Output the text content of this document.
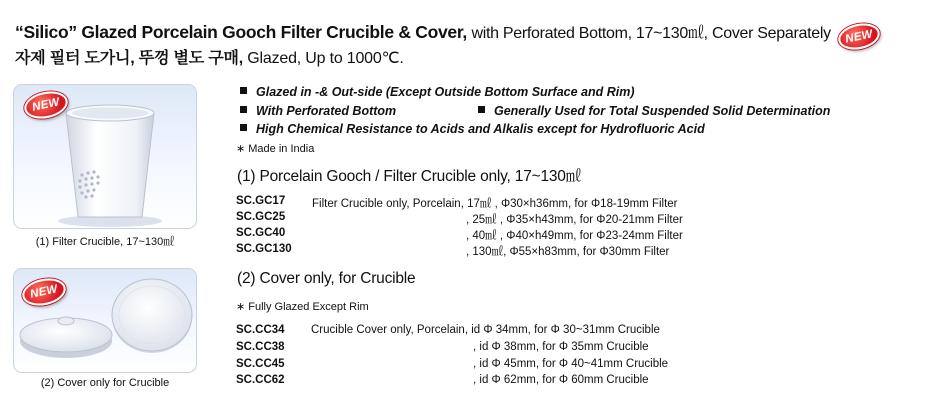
“Silico” Glazed Porcelain Gooch Filter Crucible & Cover, with Perforated Bottom, 17~130㎖, Cover Separately	NEW
자제 필터 도가니, 뚜껑 별도 구매, Glazed, Up to 1000℃.
NEW
(1) Filter Crucible, 17~130㎖
NEW
(2) Cover only for Crucible
Glazed in -& Out-side (Except Outside Bottom Surface and Rim)
With Perforated Bottom	Generally Used for Total Suspended Solid Determination
High Chemical Resistance to Acids and Alkalis except for Hydrofluoric Acid
∗ Made in India
(1) Porcelain Gooch / Filter Crucible only, 17~130㎖
SC.GC17 Filter Crucible only, Porcelain, 17㎖ , Φ30×h36mm, for Φ18-19mm Filter
SC.GC25	, 25㎖ , Φ35×h43mm, for Φ20-21mm Filter
SC.GC40	, 40㎖ , Φ40×h49mm, for Φ23-24mm Filter
SC.GC130	, 130㎖, Φ55×h83mm, for Φ30mm Filter
(2) Cover only, for Crucible
∗ Fully Glazed Except Rim
SC.CC34 Crucible Cover only, Porcelain, id Φ 34mm, for Φ 30~31mm Crucible
SC.CC38	, id Φ 38mm, for Φ 35mm Crucible
SC.CC45	, id Φ 45mm, for Φ 40~41mm Crucible
SC.CC62	, id Φ 62mm, for Φ 60mm Crucible
